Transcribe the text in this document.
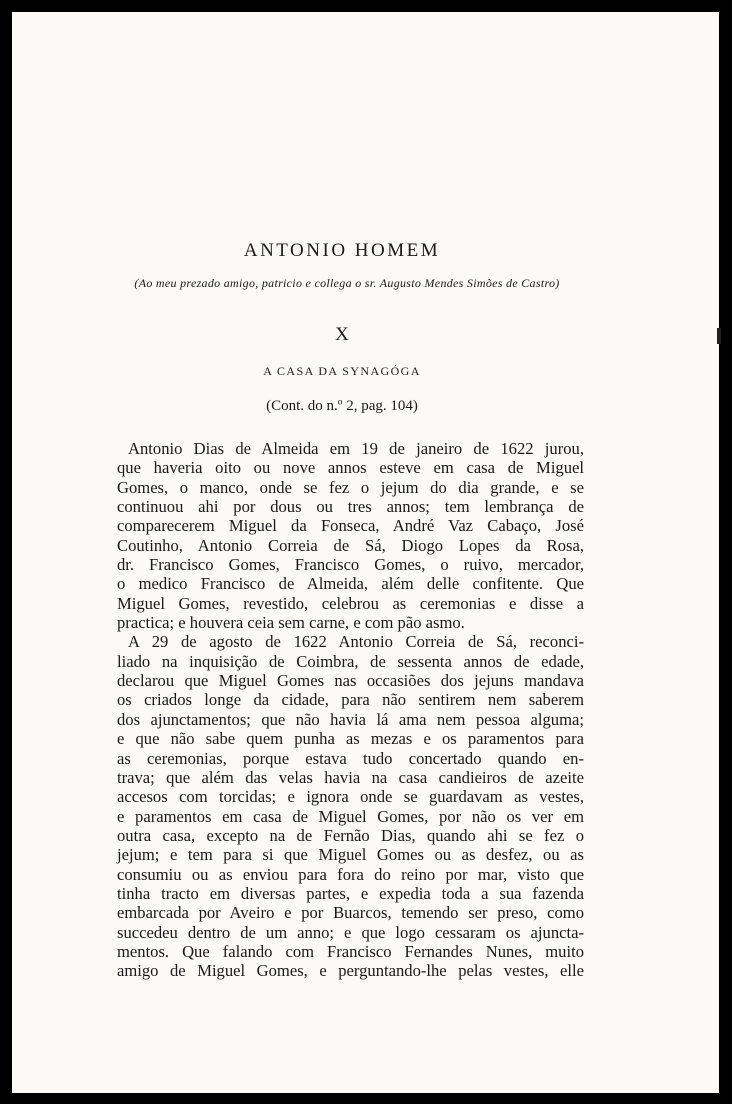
ANTONIO HOMEM
(Ao meu prezado amigo, patricio e collega o sr. Augusto Mendes Simões de Castro)
X
A CASA DA SYNAGÓGA
(Cont. do n.º 2, pag. 104)
Antonio Dias de Almeida em 19 de janeiro de 1622 jurou,
que haveria oito ou nove annos esteve em casa de Miguel
Gomes, o manco, onde se fez o jejum do dia grande, e se
continuou ahi por dous ou tres annos; tem lembrança de
comparecerem Miguel da Fonseca, André Vaz Cabaço, José
Coutinho, Antonio Correia de Sá, Diogo Lopes da Rosa,
dr. Francisco Gomes, Francisco Gomes, o ruivo, mercador,
o medico Francisco de Almeida, além delle confitente. Que
Miguel Gomes, revestido, celebrou as ceremonias e disse a
practica; e houvera ceia sem carne, e com pão asmo.
A 29 de agosto de 1622 Antonio Correia de Sá, reconci-
liado na inquisição de Coimbra, de sessenta annos de edade,
declarou que Miguel Gomes nas occasiões dos jejuns mandava
os criados longe da cidade, para não sentirem nem saberem
dos ajunctamentos; que não havia lá ama nem pessoa alguma;
e que não sabe quem punha as mezas e os paramentos para
as ceremonias, porque estava tudo concertado quando en-
trava; que além das velas havia na casa candieiros de azeite
accesos com torcidas; e ignora onde se guardavam as vestes,
e paramentos em casa de Miguel Gomes, por não os ver em
outra casa, excepto na de Fernão Dias, quando ahi se fez o
jejum; e tem para si que Miguel Gomes ou as desfez, ou as
consumiu ou as enviou para fora do reino por mar, visto que
tinha tracto em diversas partes, e expedia toda a sua fazenda
embarcada por Aveiro e por Buarcos, temendo ser preso, como
succedeu dentro de um anno; e que logo cessaram os ajuncta-
mentos. Que falando com Francisco Fernandes Nunes, muito
amigo de Miguel Gomes, e perguntando-lhe pelas vestes, elle
